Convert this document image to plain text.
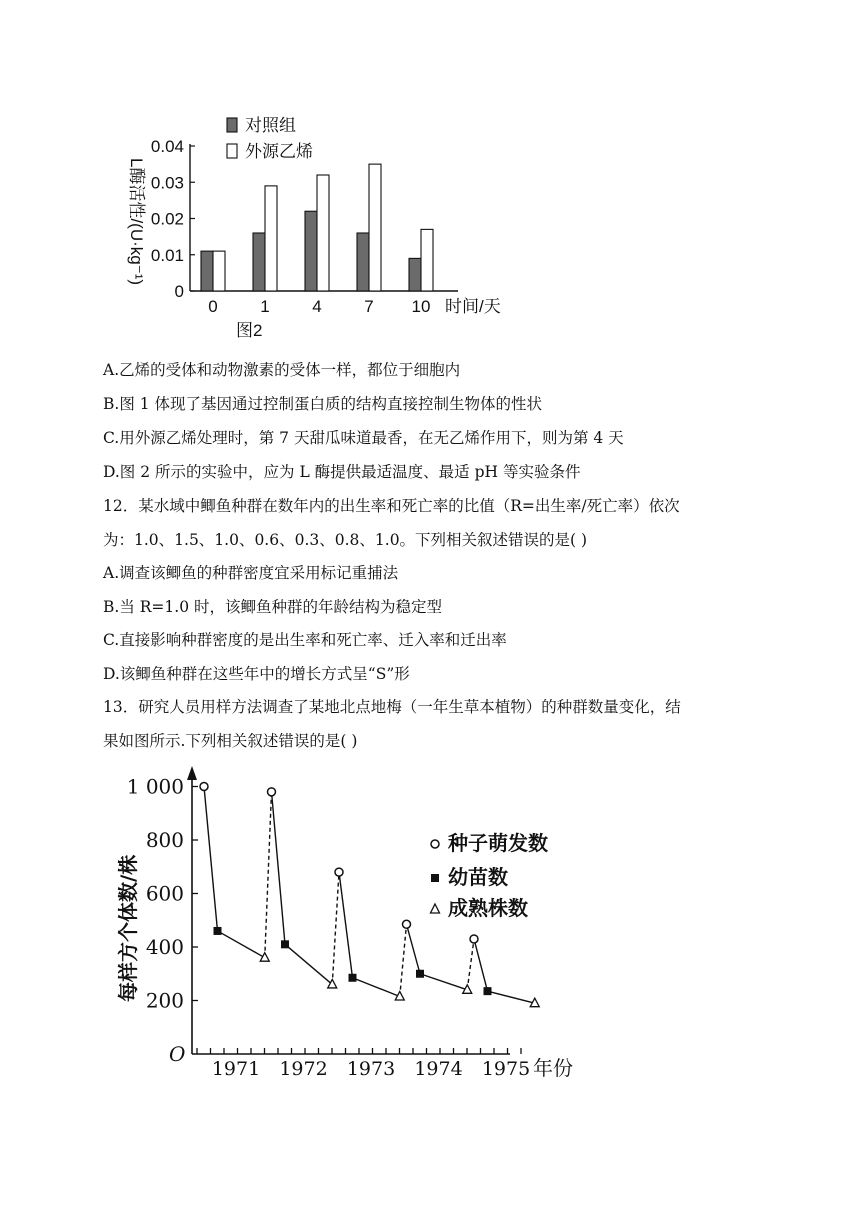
对照组
外源乙烯
0
0.01
0.02
0.03
0.04
0	1	4	7 10
L酶活性/(U·kg⁻¹)
时间/天
图2
A.乙烯的受体和动物激素的受体一样，都位于细胞内
B.图 1 体现了基因通过控制蛋白质的结构直接控制生物体的性状
C.用外源乙烯处理时，第 7 天甜瓜味道最香，在无乙烯作用下，则为第 4 天
D.图 2 所示的实验中，应为 L 酶提供最适温度、最适 pH 等实验条件
12．某水域中鲫鱼种群在数年内的出生率和死亡率的比值（R=出生率/死亡率）依次
为：1.0、1.5、1.0、0.6、0.3、0.8、1.0。下列相关叙述错误的是( )
A.调查该鲫鱼的种群密度宜采用标记重捕法
B.当 R=1.0 时，该鲫鱼种群的年龄结构为稳定型
C.直接影响种群密度的是出生率和死亡率、迁入率和迁出率
D.该鲫鱼种群在这些年中的增长方式呈“S”形
13．研究人员用样方法调查了某地北点地梅（一年生草本植物）的种群数量变化，结
果如图所示.下列相关叙述错误的是( )
200
400
600
800
1 000
1971 1972 1973 1974 1975 年份
种子萌发数
幼苗数
成熟株数
每样方个体数/株
O
